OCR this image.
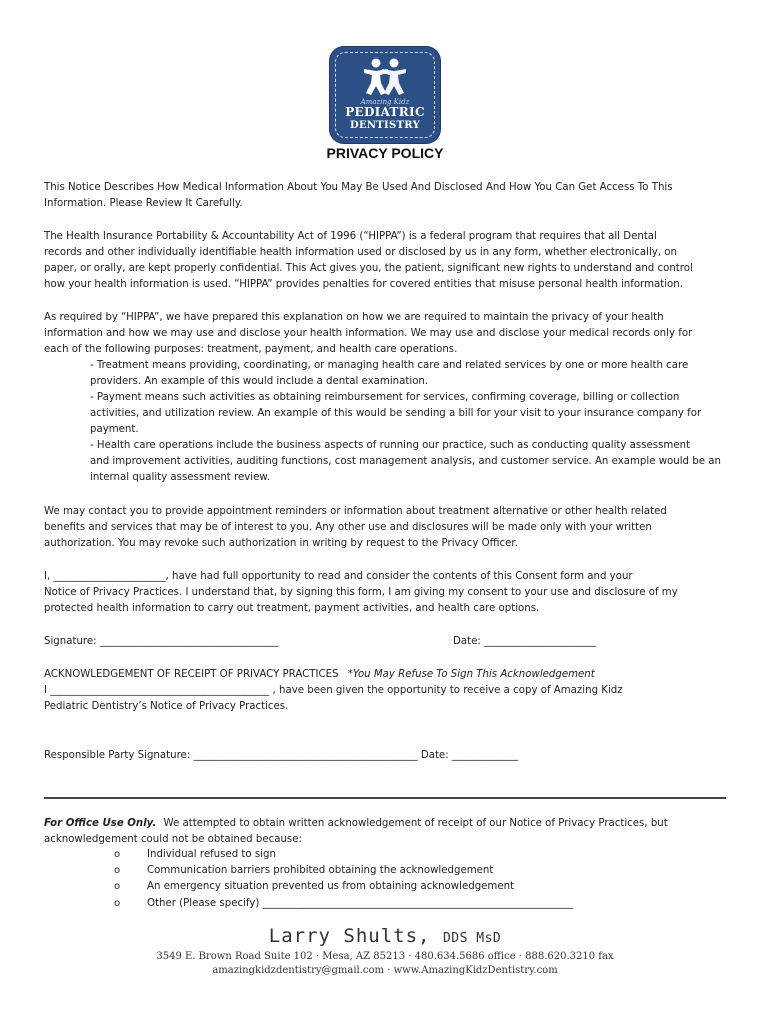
Amazing Kidz
PEDIATRIC
DENTISTRY
PRIVACY POLICY
This Notice Describes How Medical Information About You May Be Used And Disclosed And How You Can Get Access To This
Information. Please Review It Carefully.
The Health Insurance Portability & Accountability Act of 1996 (“HIPPA”) is a federal program that requires that all Dental
records and other individually identifiable health information used or disclosed by us in any form, whether electronically, on
paper, or orally, are kept properly confidential. This Act gives you, the patient, significant new rights to understand and control
how your health information is used. “HIPPA” provides penalties for covered entities that misuse personal health information.
As required by “HIPPA”, we have prepared this explanation on how we are required to maintain the privacy of your health
information and how we may use and disclose your health information. We may use and disclose your medical records only for
each of the following purposes: treatment, payment, and health care operations.
- Treatment means providing, coordinating, or managing health care and related services by one or more health care
providers. An example of this would include a dental examination.
- Payment means such activities as obtaining reimbursement for services, confirming coverage, billing or collection
activities, and utilization review. An example of this would be sending a bill for your visit to your insurance company for
payment.
- Health care operations include the business aspects of running our practice, such as conducting quality assessment
and improvement activities, auditing functions, cost management analysis, and customer service. An example would be an
internal quality assessment review.
We may contact you to provide appointment reminders or information about treatment alternative or other health related
benefits and services that may be of interest to you. Any other use and disclosures will be made only with your written
authorization. You may revoke such authorization in writing by request to the Privacy Officer.
I, ______________________, have had full opportunity to read and consider the contents of this Consent form and your
Notice of Privacy Practices. I understand that, by signing this form, I am giving my consent to your use and disclosure of my
protected health information to carry out treatment, payment activities, and health care options.
Signature: ___________________________________	Date: ______________________
ACKNOWLEDGEMENT OF RECEIPT OF PRIVACY PRACTICES *You May Refuse To Sign This Acknowledgement
I ___________________________________________ , have been given the opportunity to receive a copy of Amazing Kidz
Pediatric Dentistry’s Notice of Privacy Practices.
Responsible Party Signature: ____________________________________________ Date: _____________
For Office Use Only. We attempted to obtain written acknowledgement of receipt of our Notice of Privacy Practices, but
acknowledgement could not be obtained because:
o	Individual refused to sign
o	Communication barriers prohibited obtaining the acknowledgement
o	An emergency situation prevented us from obtaining acknowledgement
o	Other (Please specify) _____________________________________________________________
Larry Shults, DDS MsD
3549 E. Brown Road Suite 102 · Mesa, AZ 85213 · 480.634.5686 office · 888.620.3210 fax
amazingkidzdentistry@gmail.com · www.AmazingKidzDentistry.com
